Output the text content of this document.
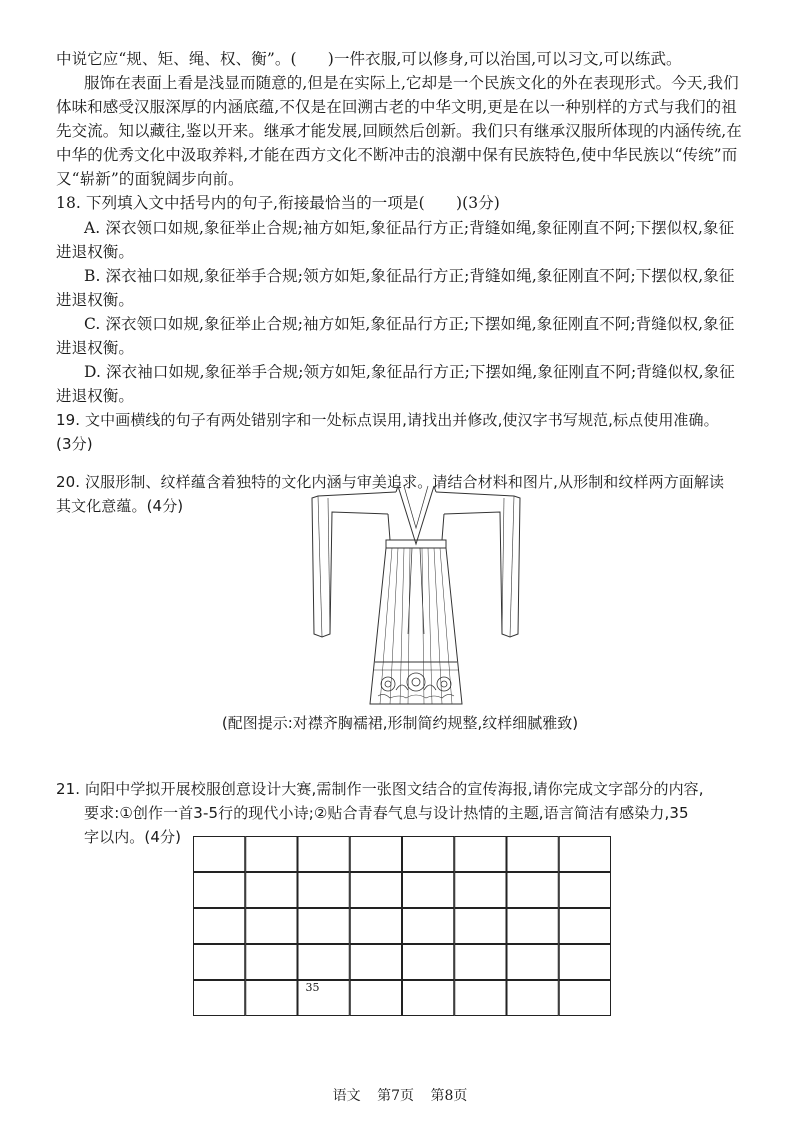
中说它应“规、矩、绳、权、衡”。(　　)一件衣服,可以修身,可以治国,可以习文,可以练武。
服饰在表面上看是浅显而随意的,但是在实际上,它却是一个民族文化的外在表现形式。今天,我们
体味和感受汉服深厚的内涵底蕴,不仅是在回溯古老的中华文明,更是在以一种别样的方式与我们的祖
先交流。知以藏往,鉴以开来。继承才能发展,回顾然后创新。我们只有继承汉服所体现的内涵传统,在
中华的优秀文化中汲取养料,才能在西方文化不断冲击的浪潮中保有民族特色,使中华民族以“传统”而
又“崭新”的面貌阔步向前。
18. 下列填入文中括号内的句子,衔接最恰当的一项是(　　)(3分)
A. 深衣领口如规,象征举止合规;袖方如矩,象征品行方正;背缝如绳,象征刚直不阿;下摆似权,象征
进退权衡。
B. 深衣袖口如规,象征举手合规;领方如矩,象征品行方正;背缝如绳,象征刚直不阿;下摆似权,象征
进退权衡。
C. 深衣领口如规,象征举止合规;袖方如矩,象征品行方正;下摆如绳,象征刚直不阿;背缝似权,象征
进退权衡。
D. 深衣袖口如规,象征举手合规;领方如矩,象征品行方正;下摆如绳,象征刚直不阿;背缝似权,象征
进退权衡。
19. 文中画横线的句子有两处错别字和一处标点误用,请找出并修改,使汉字书写规范,标点使用准确。
(3分)
20. 汉服形制、纹样蕴含着独特的文化内涵与审美追求。请结合材料和图片,从形制和纹样两方面解读
其文化意蕴。(4分)
21. 向阳中学拟开展校服创意设计大赛,需制作一张图文结合的宣传海报,请你完成文字部分的内容,
要求:①创作一首3-5行的现代小诗;②贴合青春气息与设计热情的主题,语言简洁有感染力,35
字以内。(4分)
(配图提示:对襟齐胸襦裙,形制简约规整,纹样细腻雅致)
35
语文 第7页 第8页
